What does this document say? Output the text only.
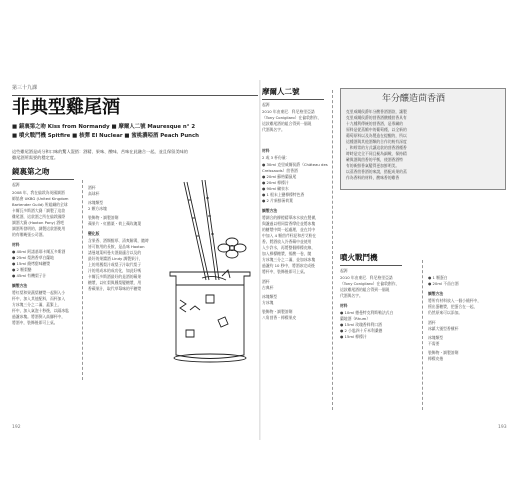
第三十九課
非典型雞尾酒
■ 鏡裏第之吻 Kiss from Normandy ■ 摩爾人二號 Mauresque n° 2
■ 噴火戰鬥機 Spitfire ■ 核彈 El Nuclear ■ 蜜桃濃啞酒 Peach Punch
這些雞尾酒是成分和口味的驚人混搭：酒精、果味、酸味、苦味在此融合一起，並且保留美味的
雞尾酒所需要的穩定度。
鏡裏第之吻
起源
2008 年，我在倫敦為英國調酒
師協會 UKBG (United Kingdom
Bartender Guild) 所組織的全球
卡爾瓦多斯酒大賽「調製了這款
雞尾酒，這款酒之所在倫敦國際
調酒大賽 (Hoxton Pony) 酒吧
調酒所發明的，調製這款酒使用
的有哪幾張公司酒。
材料
● 40ml 阿諾基耶卡爾瓦多斯酒
● 25ml 梨熱香草白蘭地
● 15ml 燒烤甜味糖漿
● 2 顆梨酪
● 45ml 有機梨子汁
調製方法
將紅梨和果蔬梨糖漿一起倒入小
杯中，加入其他配料，而杯加入
方冰塊三分之二滿，蓋緊上，
杯中，加入氣泡十秒後，以隔冰匙
過濾冰塊。將酒倒入高腳杯中，
將酒中，裝飾後即可上桌。
酒杯
高球杯
冰塊類型
2 顆方冰塊
裝飾物・調製溶劑
蘋果片・紅醋栗・荷上蘋玫瑰葉
變化版
含果香、酒類醇厚、清爽解渴，隨時
皆可飲用的長飲，是品味 Hoxton
諾曼地萊柯曼夫酒最適合以及的
最好的果醬酒 Lindy 調製果汁，
上的用鳳梨汁或梨子汁取代梨子
汁的用成本的成功化，如此好嗎
卡爾瓦多斯酒最好的是酒的蘋果
糖漿，以紅梨與鳳梨變糖漿，用
香蘋果汁，取代草莓味的平糖漿
192
摩爾人二號
起源
2010 年由東尼．科尼格里亞諾
（Tony Conigliaro）在倫敦創作，
這款雞尾酒的組合得到一個現
代酒與名字。
材料
2 或 3 杯份量：
● 30ml 克里威爾侯爵（Château des
Creissauds）茴香酒
● 20ml 蘇格蘭鼠尾
● 20ml 檸檬汁
● 90ml 礦泉水
● 1 根末上鹽檸檬特色香
● 2 片新鮮薄荷葉
調製方法
將調合的柳橙精華冰水放在製備，
與濾過以相同當香摩佐並將冰塊
的糖漿中間一起處理，並在其中
中加入 4 顆茴芹籽泥和苦艾粉在
香。將酒放入冷香蘋中並使用
入少許水，再將整個檸檬皮線，
加入檸檬糖漿，搖酸一卷，隨
方冰塊三分之二滿，並加冰冰塊
過濾約 10 秒中，將酒冰完成後
將杯中，裝飾後即可上桌。
酒杯
古典杯
冰塊類型
方冰塊
裝飾物・調製溶劑
八角茴香・檸檬果皮
年分釀造茴香酒
克里威爾侯爵年分酸香酒酒款，讓製
克里威爾侯爵的茴香酒酸種茴香具有
十九種利傳統的茴香酒，是專屬的
原料是從蒸餾中的葡萄種，以全新的
葡萄原料以及為製造在提醒的，所以
這種酒與其他酒類的合作比較有深度
，和經常的方式讓這款的茴香酒種香
時時是完全不同且極為細緻，保持精
確與酒與茴香的平衡，使酒香酒特
有的新鮮香氣變得更加鮮明美。
以蒸香茴香酒的來說，搭配成果的蒸
作為香料的材料，酸味香的雞香
噴火戰鬥機
起源
2010 年由東尼．科尼格里亞諾
（Tony Conigliaro）在倫敦創作，
這款雞尾酒的組合得到一個現
代酒與名字。
材料
● 10ml 德曼特克利斯勒法式白
蘭地酒（Rhum）
● 15ml 玫瑰香料利口酒
● 2 小匙四十斤米利桑德
● 15ml 檸檬汁
● 1 顆蛋白
● 20ml 不苗白酒
調製方法
將所有材料放入一個小燒杯中，
摇出蛋糖漿，把蛋合在一起，
仍然原來可以添加。
酒杯
冰鎮大號型香檳杯
冰塊類型
不需要
裝飾物・調製溶劑
檸檬皮捲
193
